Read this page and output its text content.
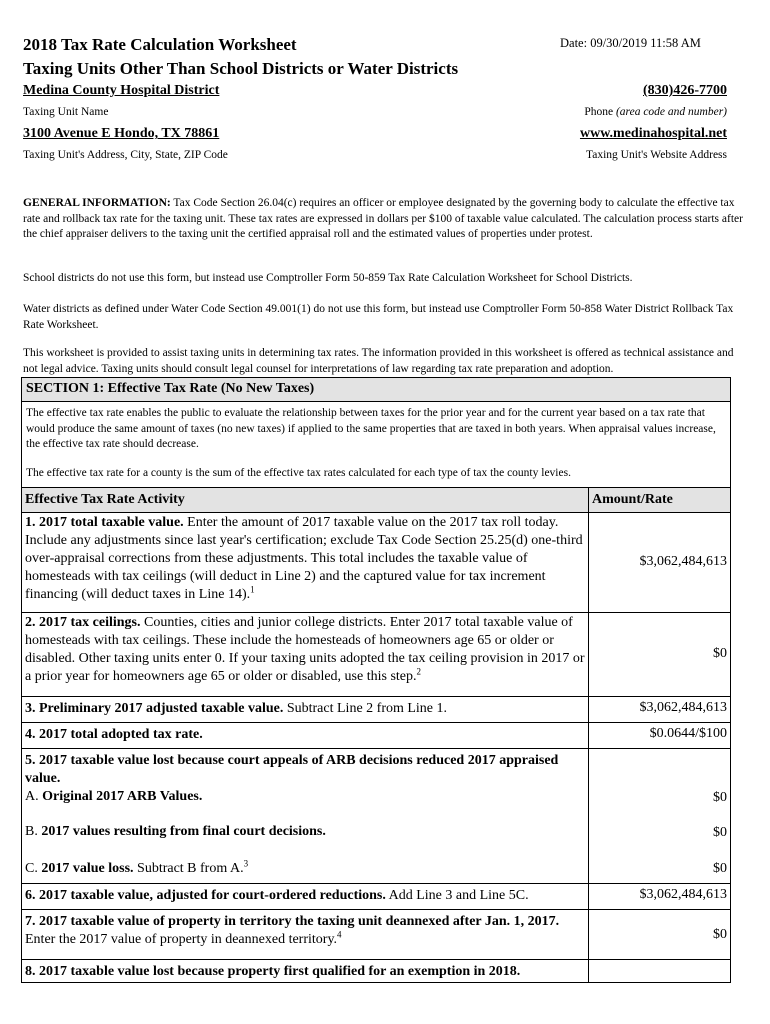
2018 Tax Rate Calculation Worksheet
Taxing Units Other Than School Districts or Water Districts
Date: 09/30/2019 11:58 AM
Medina County Hospital District
Taxing Unit Name
(830)426-7700
Phone (area code and number)
3100 Avenue E Hondo, TX 78861
Taxing Unit's Address, City, State, ZIP Code
www.medinahospital.net
Taxing Unit's Website Address
GENERAL INFORMATION: Tax Code Section 26.04(c) requires an officer or employee designated by the governing body to calculate the effective tax rate and rollback tax rate for the taxing unit. These tax rates are expressed in dollars per $100 of taxable value calculated. The calculation process starts after the chief appraiser delivers to the taxing unit the certified appraisal roll and the estimated values of properties under protest.
School districts do not use this form, but instead use Comptroller Form 50-859 Tax Rate Calculation Worksheet for School Districts.
Water districts as defined under Water Code Section 49.001(1) do not use this form, but instead use Comptroller Form 50-858 Water District Rollback Tax Rate Worksheet.
This worksheet is provided to assist taxing units in determining tax rates. The information provided in this worksheet is offered as technical assistance and not legal advice. Taxing units should consult legal counsel for interpretations of law regarding tax rate preparation and adoption.
SECTION 1: Effective Tax Rate (No New Taxes)
The effective tax rate enables the public to evaluate the relationship between taxes for the prior year and for the current year based on a tax rate that would produce the same amount of taxes (no new taxes) if applied to the same properties that are taxed in both years. When appraisal values increase, the effective tax rate should decrease.
The effective tax rate for a county is the sum of the effective tax rates calculated for each type of tax the county levies.
Effective Tax Rate Activity	Amount/Rate
1. 2017 total taxable value. Enter the amount of 2017 taxable value on the 2017 tax roll today. Include any adjustments since last year's certification; exclude Tax Code Section 25.25(d) one-third over-appraisal corrections from these adjustments. This total includes the taxable value of homesteads with tax ceilings (will deduct in Line 2) and the captured value for tax increment financing (will deduct taxes in Line 14).$^1$
$3,062,484,613
2. 2017 tax ceilings. Counties, cities and junior college districts. Enter 2017 total taxable value of homesteads with tax ceilings. These include the homesteads of homeowners age 65 or older or disabled. Other taxing units enter 0. If your taxing units adopted the tax ceiling provision in 2017 or a prior year for homeowners age 65 or older or disabled, use this step.$^2$
$0
3. Preliminary 2017 adjusted taxable value. Subtract Line 2 from Line 1.	$3,062,484,613
4. 2017 total adopted tax rate.	$0.0644/$100
5. 2017 taxable value lost because court appeals of ARB decisions reduced 2017 appraised value.
A. Original 2017 ARB Values.	$0
B. 2017 values resulting from final court decisions.	$0
C. 2017 value loss. Subtract B from A.$^3$	$0
6. 2017 taxable value, adjusted for court-ordered reductions. Add Line 3 and Line 5C.	$3,062,484,613
7. 2017 taxable value of property in territory the taxing unit deannexed after Jan. 1, 2017. Enter the 2017 value of property in deannexed territory.$^4$	$0
8. 2017 taxable value lost because property first qualified for an exemption in 2018.
